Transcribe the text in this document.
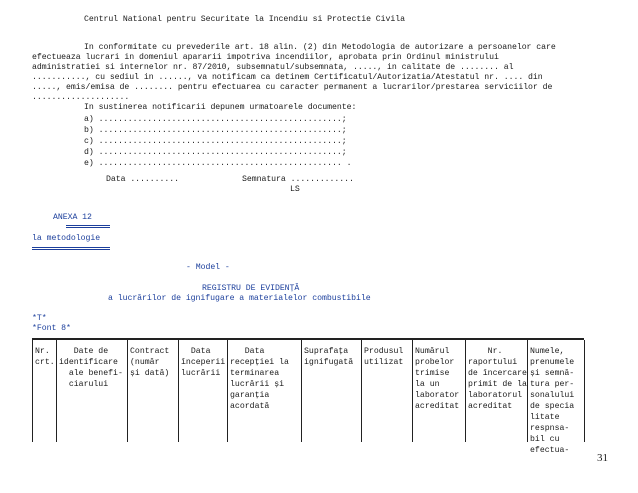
Centrul National pentru Securitate la Incendiu si Protectie Civila
In conformitate cu prevederile art. 18 alin. (2) din Metodologia de autorizare a persoanelor care
efectueaza lucrari in domeniul apararii impotriva incendiilor, aprobata prin Ordinul ministrului
administratiei si internelor nr. 87/2010, subsemnatul/subsemnata, ....., in calitate de ........ al
..........., cu sediul in ......, va notificam ca detinem Certificatul/Autorizatia/Atestatul nr. .... din
....., emis/emisa de ........ pentru efectuarea cu caracter permanent a lucrarilor/prestarea serviciilor de
....................
In sustinerea notificarii depunem urmatoarele documente:
a) ..................................................;
b) ..................................................;
c) ..................................................;
d) ..................................................;
e) .................................................. .
Data ..........	Semnatura .............
LS
ANEXA 12
la metodologie
- Model -
REGISTRU DE EVIDENȚĂ
a lucrărilor de ignifugare a materialelor combustibile
*T*
*Font 8*
Nr.
crt.
Date de
identificare
ale benefi-
ciarului
Contract
(număr
și dată)
Data
începerii
lucrării
Data
recepției la
terminarea
lucrării și
garanția
acordată
Suprafața
ignifugată
Produsul
utilizat
Numărul
probelor
trimise
la un
laborator
acreditat
Nr.
raportului
de încercare
primit de la
laboratorul
acreditat
Numele,
prenumele
și semnă-
tura per-
sonalului
de specia
litate
respnsa-
bil cu
efectua-
31
